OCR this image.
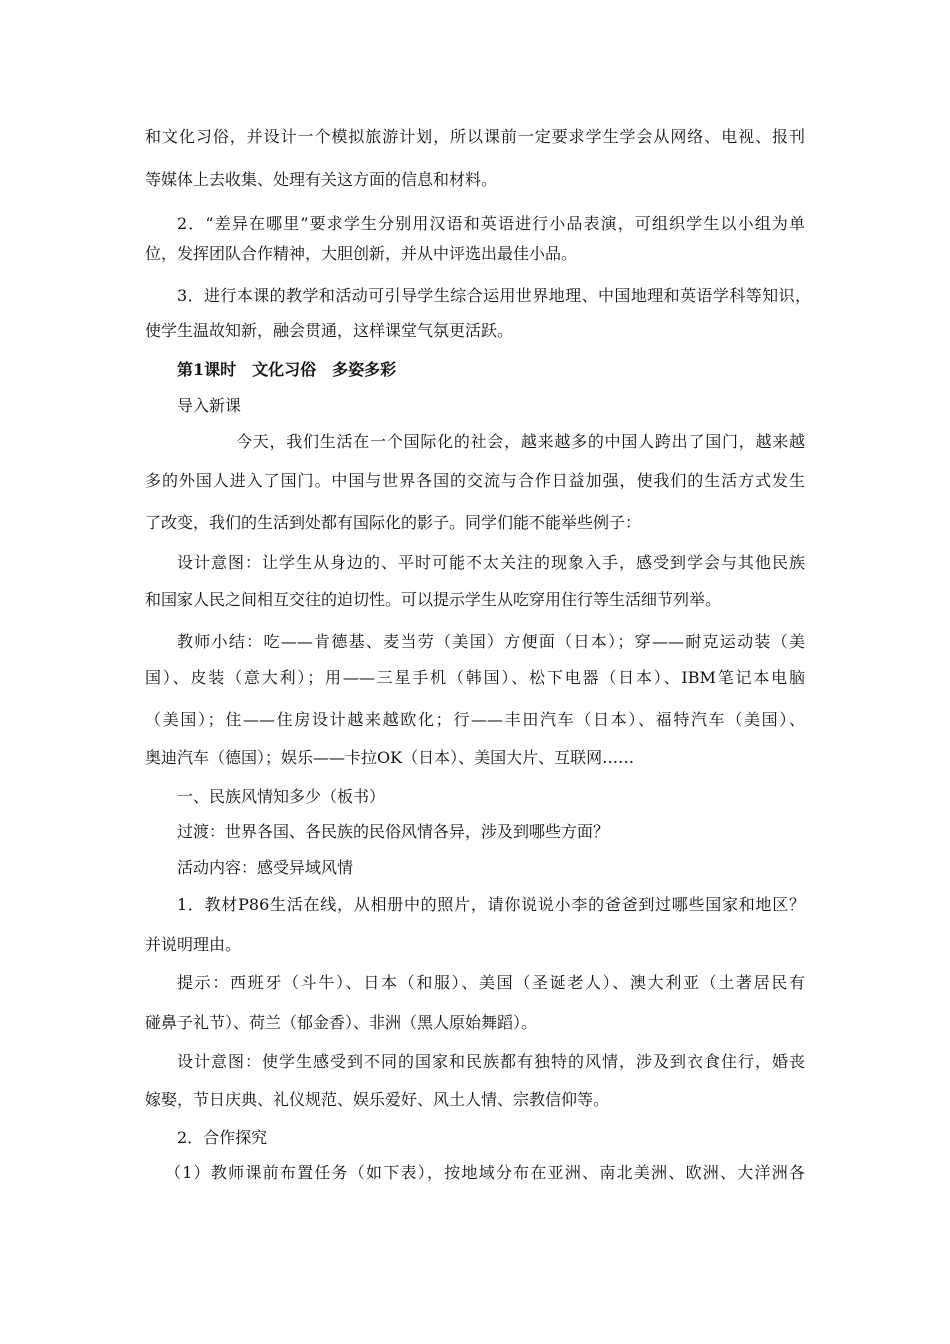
和文化习俗，并设计一个模拟旅游计划，所以课前一定要求学生学会从网络、电视、报刊
等媒体上去收集、处理有关这方面的信息和材料。
2．“差异在哪里”要求学生分别用汉语和英语进行小品表演，可组织学生以小组为单
位，发挥团队合作精神，大胆创新，并从中评选出最佳小品。
3．进行本课的教学和活动可引导学生综合运用世界地理、中国地理和英语学科等知识，
使学生温故知新，融会贯通，这样课堂气氛更活跃。
第1课时　文化习俗　多姿多彩
导入新课
今天，我们生活在一个国际化的社会，越来越多的中国人跨出了国门，越来越
多的外国人进入了国门。中国与世界各国的交流与合作日益加强，使我们的生活方式发生
了改变，我们的生活到处都有国际化的影子。同学们能不能举些例子：
设计意图：让学生从身边的、平时可能不太关注的现象入手，感受到学会与其他民族
和国家人民之间相互交往的迫切性。可以提示学生从吃穿用住行等生活细节列举。
教师小结：吃——肯德基、麦当劳（美国）方便面（日本）；穿——耐克运动装（美
国）、皮装（意大利）；用——三星手机（韩国）、松下电器（日本）、IBM笔记本电脑
（美国）；住——住房设计越来越欧化；行——丰田汽车（日本）、福特汽车（美国）、
奥迪汽车（德国）；娱乐——卡拉OK（日本）、美国大片、互联网……
一、民族风情知多少（板书）
过渡：世界各国、各民族的民俗风情各异，涉及到哪些方面？
活动内容：感受异域风情
1．教材P86生活在线，从相册中的照片，请你说说小李的爸爸到过哪些国家和地区？
并说明理由。
提示：西班牙（斗牛）、日本（和服）、美国（圣诞老人）、澳大利亚（土著居民有
碰鼻子礼节）、荷兰（郁金香）、非洲（黑人原始舞蹈）。
设计意图：使学生感受到不同的国家和民族都有独特的风情，涉及到衣食住行，婚丧
嫁娶，节日庆典、礼仪规范、娱乐爱好、风土人情、宗教信仰等。
2．合作探究
（1）教师课前布置任务（如下表），按地域分布在亚洲、南北美洲、欧洲、大洋洲各
